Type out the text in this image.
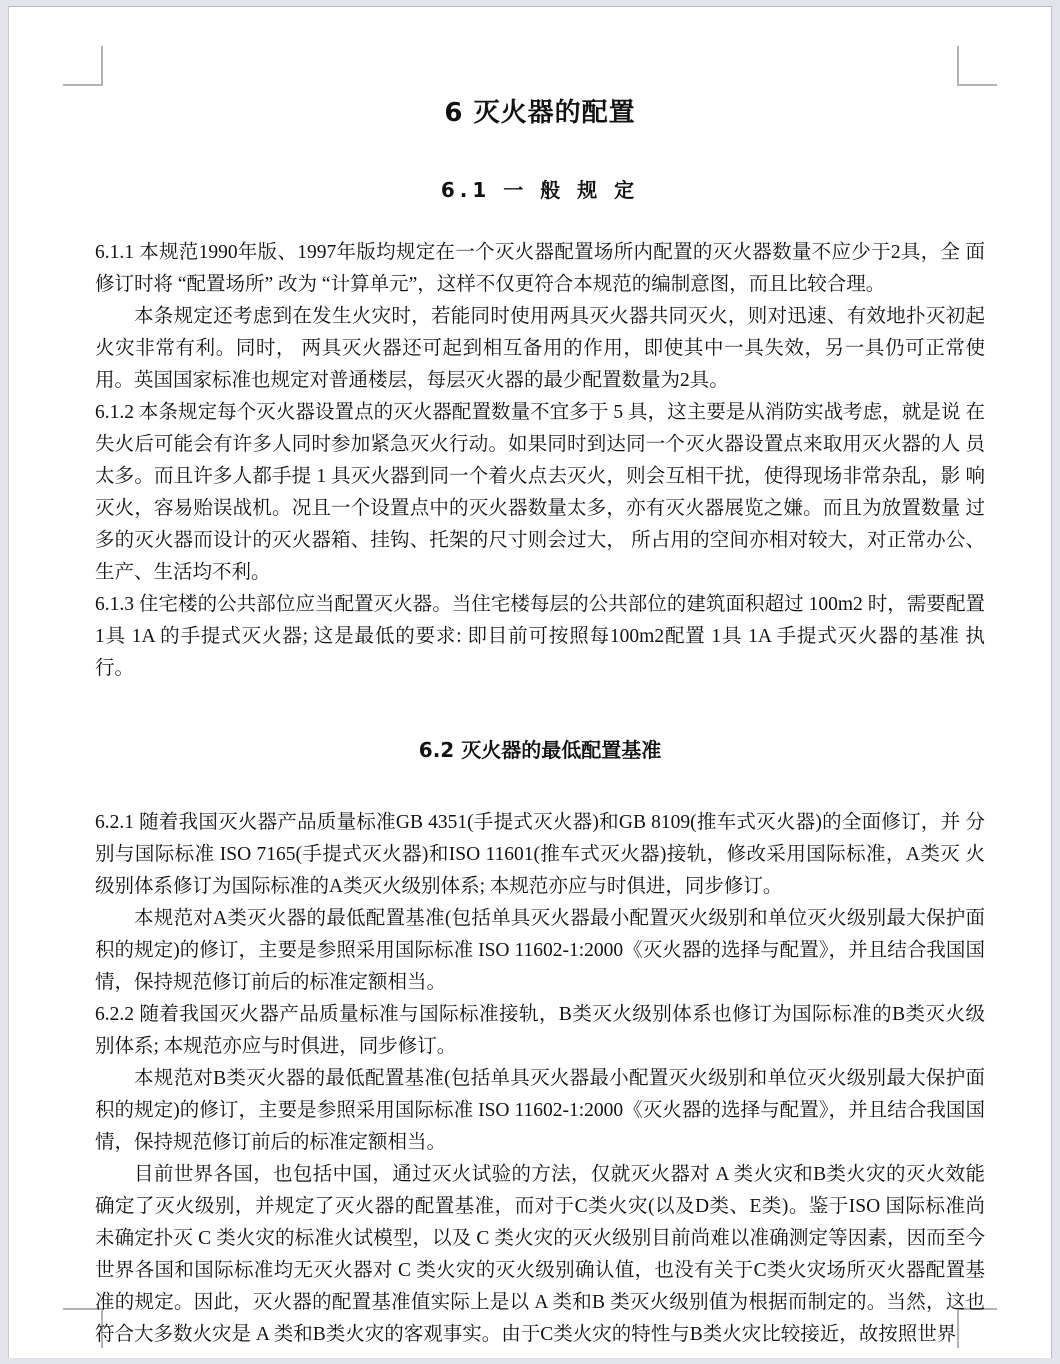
6 灭火器的配置
6.1 一 般 规 定

6.1.1 本规范1990年版、1997年版均规定在一个灭火器配置场所内配置的灭火器数量不应少于2具，全 面修订时将 “配置场所” 改为 “计算单元”，这样不仅更符合本规范的编制意图，而且比较合理。

本条规定还考虑到在发生火灾时，若能同时使用两具灭火器共同灭火，则对迅速、有效地扑灭初起火灾非常有利。同时， 两具灭火器还可起到相互备用的作用，即使其中一具失效，另一具仍可正常使用。英国国家标准也规定对普通楼层，每层灭火器的最少配置数量为2具。

6.1.2 本条规定每个灭火器设置点的灭火器配置数量不宜多于 5 具，这主要是从消防实战考虑，就是说 在失火后可能会有许多人同时参加紧急灭火行动。如果同时到达同一个灭火器设置点来取用灭火器的人 员太多。而且许多人都手提 1 具灭火器到同一个着火点去灭火，则会互相干扰，使得现场非常杂乱，影 响灭火，容易贻误战机。况且一个设置点中的灭火器数量太多，亦有灭火器展览之嫌。而且为放置数量 过多的灭火器而设计的灭火器箱、挂钩、托架的尺寸则会过大， 所占用的空间亦相对较大，对正常办公、生产、生活均不利。

6.1.3 住宅楼的公共部位应当配置灭火器。当住宅楼每层的公共部位的建筑面积超过 100m2 时，需要配置 1具 1A 的手提式灭火器; 这是最低的要求: 即目前可按照每100m2配置 1具 1A 手提式灭火器的基准 执行。

6.2 灭火器的最低配置基准

6.2.1 随着我国灭火器产品质量标准GB 4351(手提式灭火器)和GB 8109(推车式灭火器)的全面修订，并 分别与国际标准 ISO 7165(手提式灭火器)和ISO 11601(推车式灭火器)接轨，修改采用国际标准，A类灭 火级别体系修订为国际标准的A类灭火级别体系; 本规范亦应与时俱进，同步修订。

本规范对A类灭火器的最低配置基准(包括单具灭火器最小配置灭火级别和单位灭火级别最大保护面积的规定)的修订，主要是参照采用国际标准 ISO 11602-1:2000《灭火器的选择与配置》，并且结合我国国情，保持规范修订前后的标准定额相当。

6.2.2 随着我国灭火器产品质量标准与国际标准接轨，B类灭火级别体系也修订为国际标准的B类灭火级 别体系; 本规范亦应与时俱进，同步修订。

本规范对B类灭火器的最低配置基准(包括单具灭火器最小配置灭火级别和单位灭火级别最大保护面积的规定)的修订，主要是参照采用国际标准 ISO 11602-1:2000《灭火器的选择与配置》，并且结合我国国情，保持规范修订前后的标准定额相当。

目前世界各国，也包括中国，通过灭火试验的方法，仅就灭火器对 A 类火灾和B类火灾的灭火效能确定了灭火级别，并规定了灭火器的配置基准，而对于C类火灾(以及D类、E类)。鉴于ISO 国际标准尚 未确定扑灭 C 类火灾的标准火试模型，以及 C 类火灾的灭火级别目前尚难以准确测定等因素，因而至今世界各国和国际标准均无灭火器对 C 类火灾的灭火级别确认值，也没有关于C类火灾场所灭火器配置基 准的规定。因此，灭火器的配置基准值实际上是以 A 类和B 类灭火级别值为根据而制定的。当然，这也符合大多数火灾是 A 类和B类火灾的客观事实。由于C类火灾的特性与B类火灾比较接近，故按照世界
